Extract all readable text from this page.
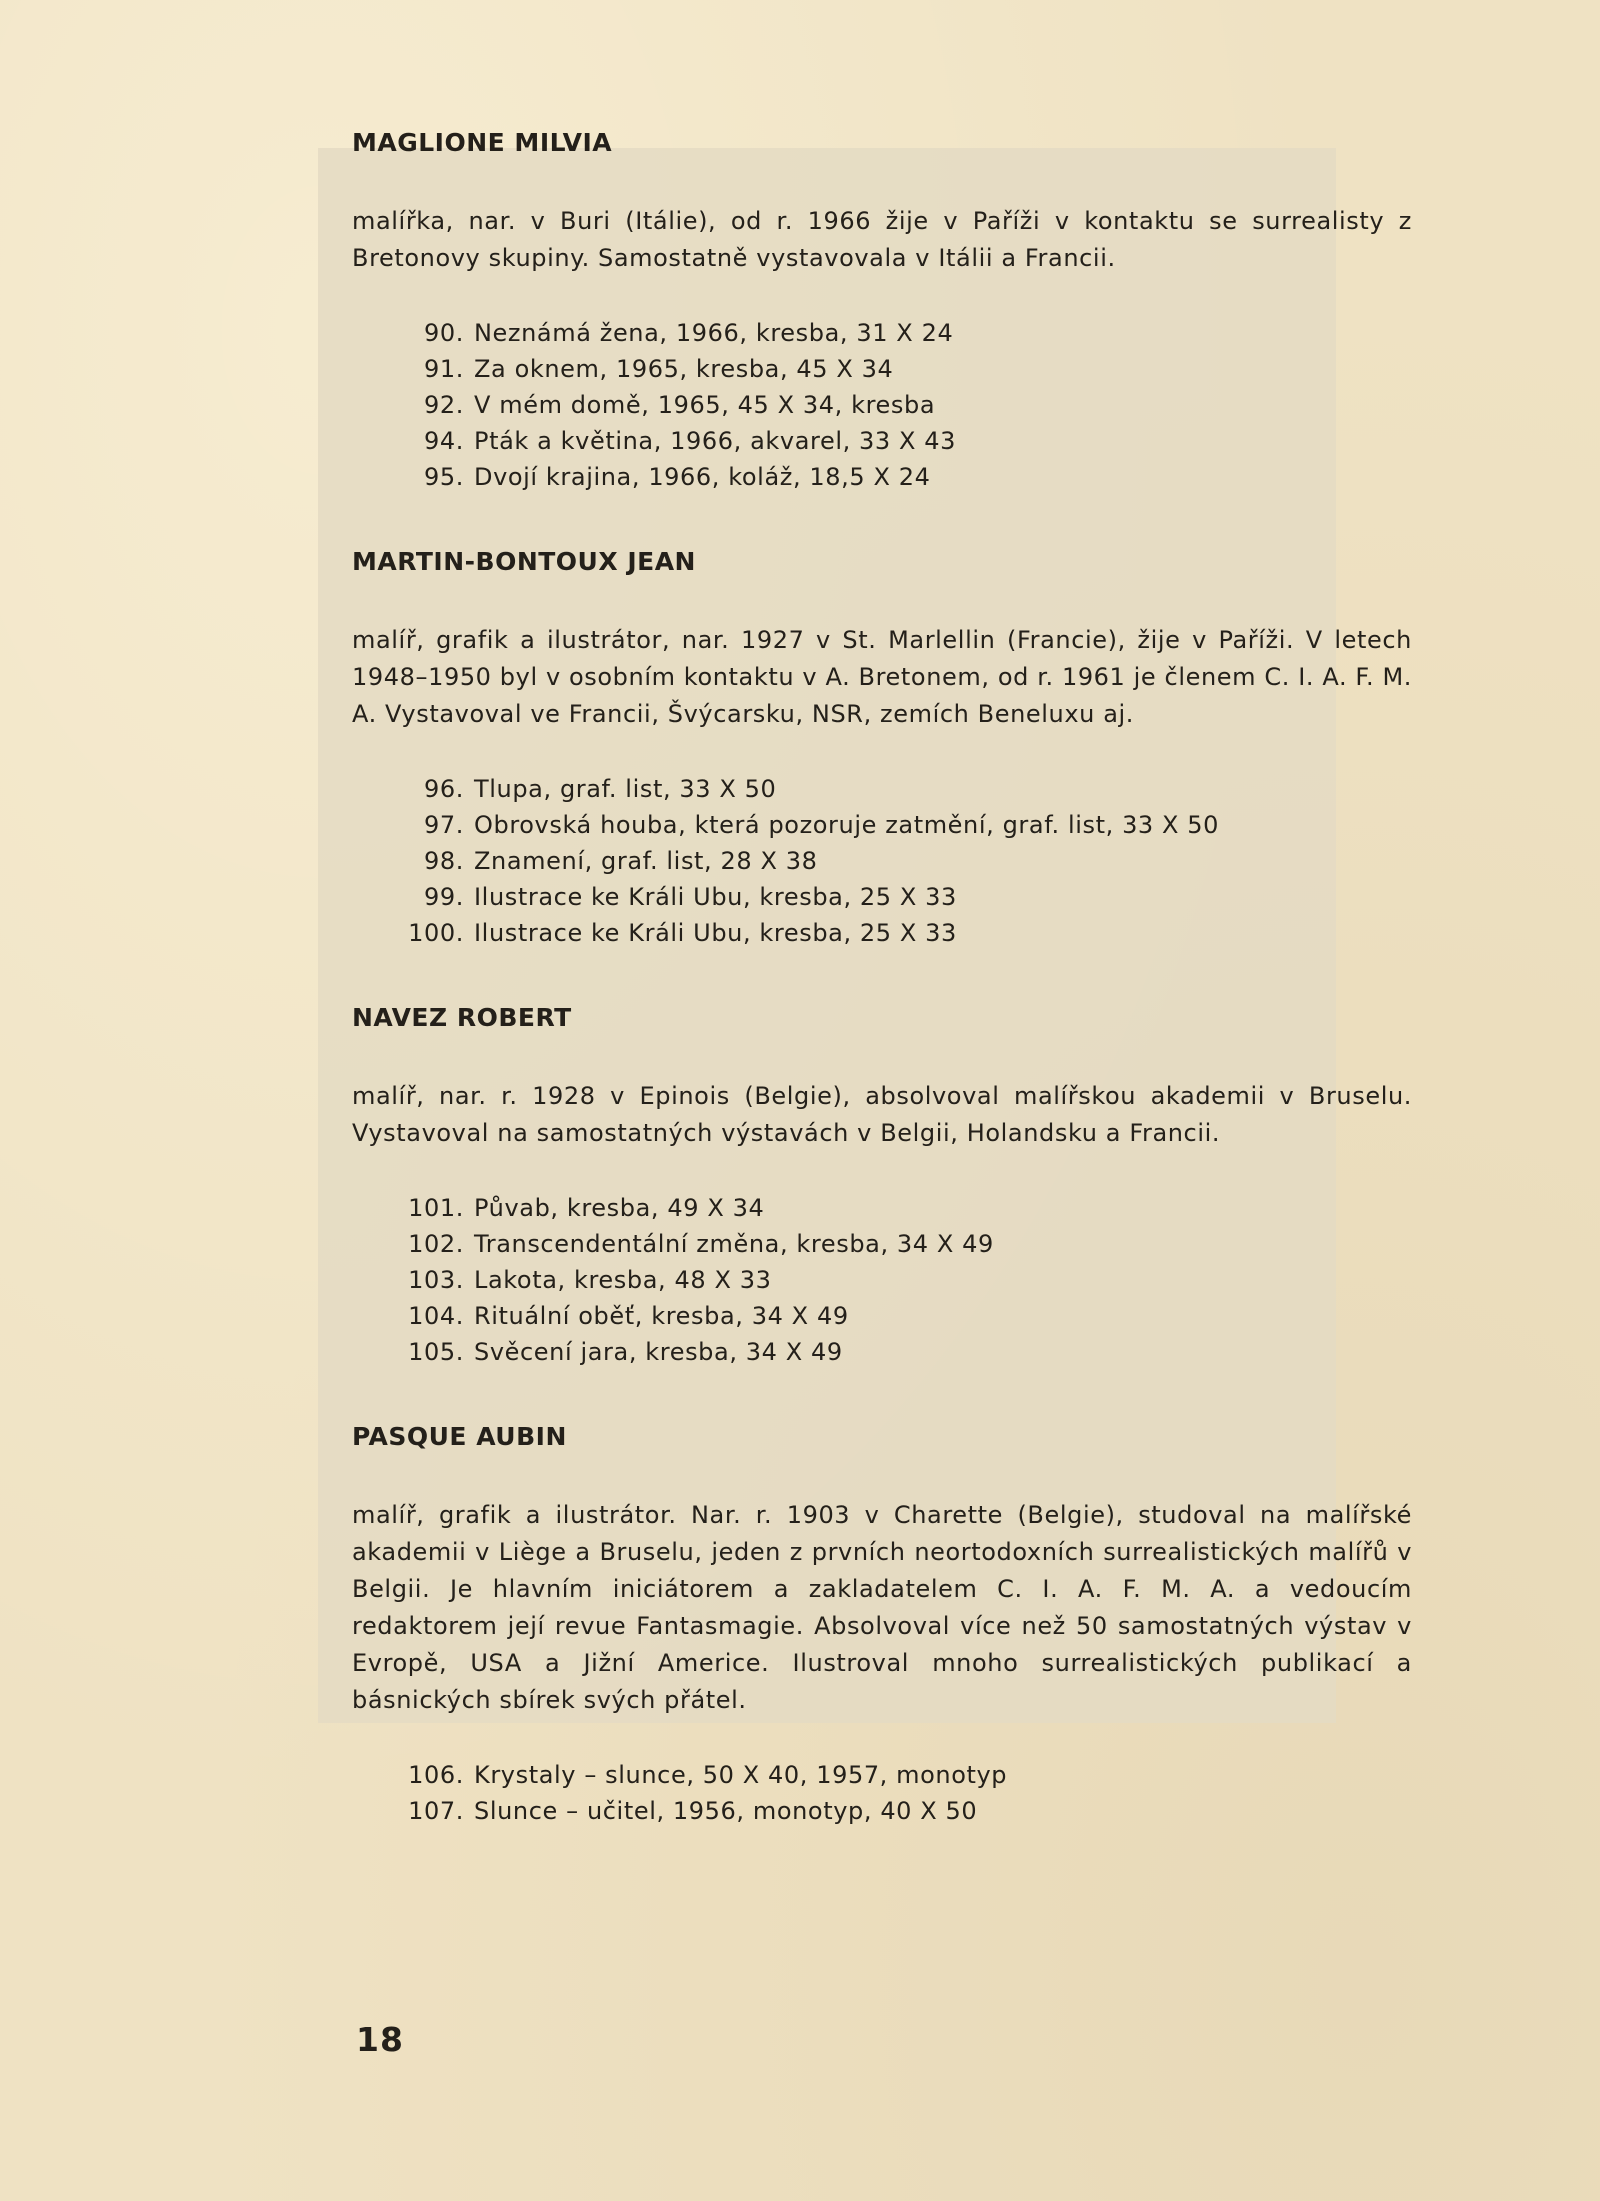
MAGLIONE MILVIA

malířka, nar. v Buri (Itálie), od r. 1966 žije v Paříži v kontaktu se surrealisty z Bretonovy skupiny. Samostatně vystavovala v Itálii a Francii.

90. Neznámá žena, 1966, kresba, 31 X 24
91. Za oknem, 1965, kresba, 45 X 34
92. V mém domě, 1965, 45 X 34, kresba
94. Pták a květina, 1966, akvarel, 33 X 43
95. Dvojí krajina, 1966, koláž, 18,5 X 24
MARTIN-BONTOUX JEAN

malíř, grafik a ilustrátor, nar. 1927 v St. Marlellin (Francie), žije v Paříži. V letech 1948–1950 byl v osobním kontaktu v A. Bretonem, od r. 1961 je členem C. I. A. F. M. A. Vystavoval ve Francii, Švýcarsku, NSR, zemích Beneluxu aj.

96. Tlupa, graf. list, 33 X 50
97. Obrovská houba, která pozoruje zatmění, graf. list, 33 X 50
98. Znamení, graf. list, 28 X 38
99. Ilustrace ke Králi Ubu, kresba, 25 X 33
100. Ilustrace ke Králi Ubu, kresba, 25 X 33
NAVEZ ROBERT

malíř, nar. r. 1928 v Epinois (Belgie), absolvoval malířskou akademii v Bruselu. Vystavoval na samostatných výstavách v Belgii, Holandsku a Francii.

101. Půvab, kresba, 49 X 34
102. Transcendentální změna, kresba, 34 X 49
103. Lakota, kresba, 48 X 33
104. Rituální oběť, kresba, 34 X 49
105. Svěcení jara, kresba, 34 X 49
PASQUE AUBIN

malíř, grafik a ilustrátor. Nar. r. 1903 v Charette (Belgie), studoval na malířské akademii v Liège a Bruselu, jeden z prvních neortodoxních surrealistických malířů v Belgii. Je hlavním iniciátorem a zakladatelem C. I. A. F. M. A. a vedoucím redaktorem její revue Fantasmagie. Absolvoval více než 50 samostatných výstav v Evropě, USA a Jižní Americe. Ilustroval mnoho surrealistických publikací a básnických sbírek svých přátel.

106. Krystaly – slunce, 50 X 40, 1957, monotyp
107. Slunce – učitel, 1956, monotyp, 40 X 50
18
